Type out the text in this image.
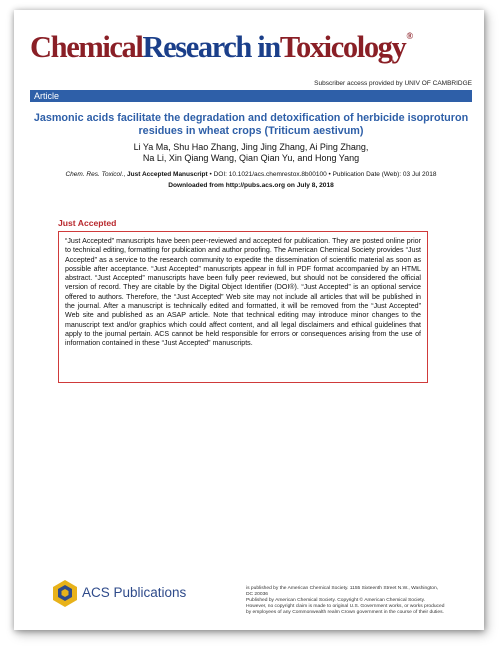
ChemicalResearch inToxicology®
Subscriber access provided by UNIV OF CAMBRIDGE
Article
Jasmonic acids facilitate the degradation and detoxification of herbicide isoproturon residues in wheat crops (Triticum aestivum)
Li Ya Ma, Shu Hao Zhang, Jing Jing Zhang, Ai Ping Zhang,
Na Li, Xin Qiang Wang, Qian Qian Yu, and Hong Yang
Chem. Res. Toxicol., Just Accepted Manuscript • DOI: 10.1021/acs.chemrestox.8b00100 • Publication Date (Web): 03 Jul 2018
Downloaded from http://pubs.acs.org on July 8, 2018
Just Accepted
“Just Accepted” manuscripts have been peer-reviewed and accepted for publication. They are posted online prior to technical editing, formatting for publication and author proofing. The American Chemical Society provides “Just Accepted” as a service to the research community to expedite the dissemination of scientific material as soon as possible after acceptance. “Just Accepted” manuscripts appear in full in PDF format accompanied by an HTML abstract. “Just Accepted” manuscripts have been fully peer reviewed, but should not be considered the official version of record. They are citable by the Digital Object Identifier (DOI®). “Just Accepted” is an optional service offered to authors. Therefore, the “Just Accepted” Web site may not include all articles that will be published in the journal. After a manuscript is technically edited and formatted, it will be removed from the “Just Accepted” Web site and published as an ASAP article. Note that technical editing may introduce minor changes to the manuscript text and/or graphics which could affect content, and all legal disclaimers and ethical guidelines that apply to the journal pertain. ACS cannot be held responsible for errors or consequences arising from the use of information contained in these “Just Accepted” manuscripts.
ACS Publications	is published by the American Chemical Society. 1155 Sixteenth Street N.W., Washington, DC 20036
Published by American Chemical Society. Copyright © American Chemical Society. However, no copyright claim is made to original U.S. Government works, or works produced by employees of any Commonwealth realm Crown government in the course of their duties.
